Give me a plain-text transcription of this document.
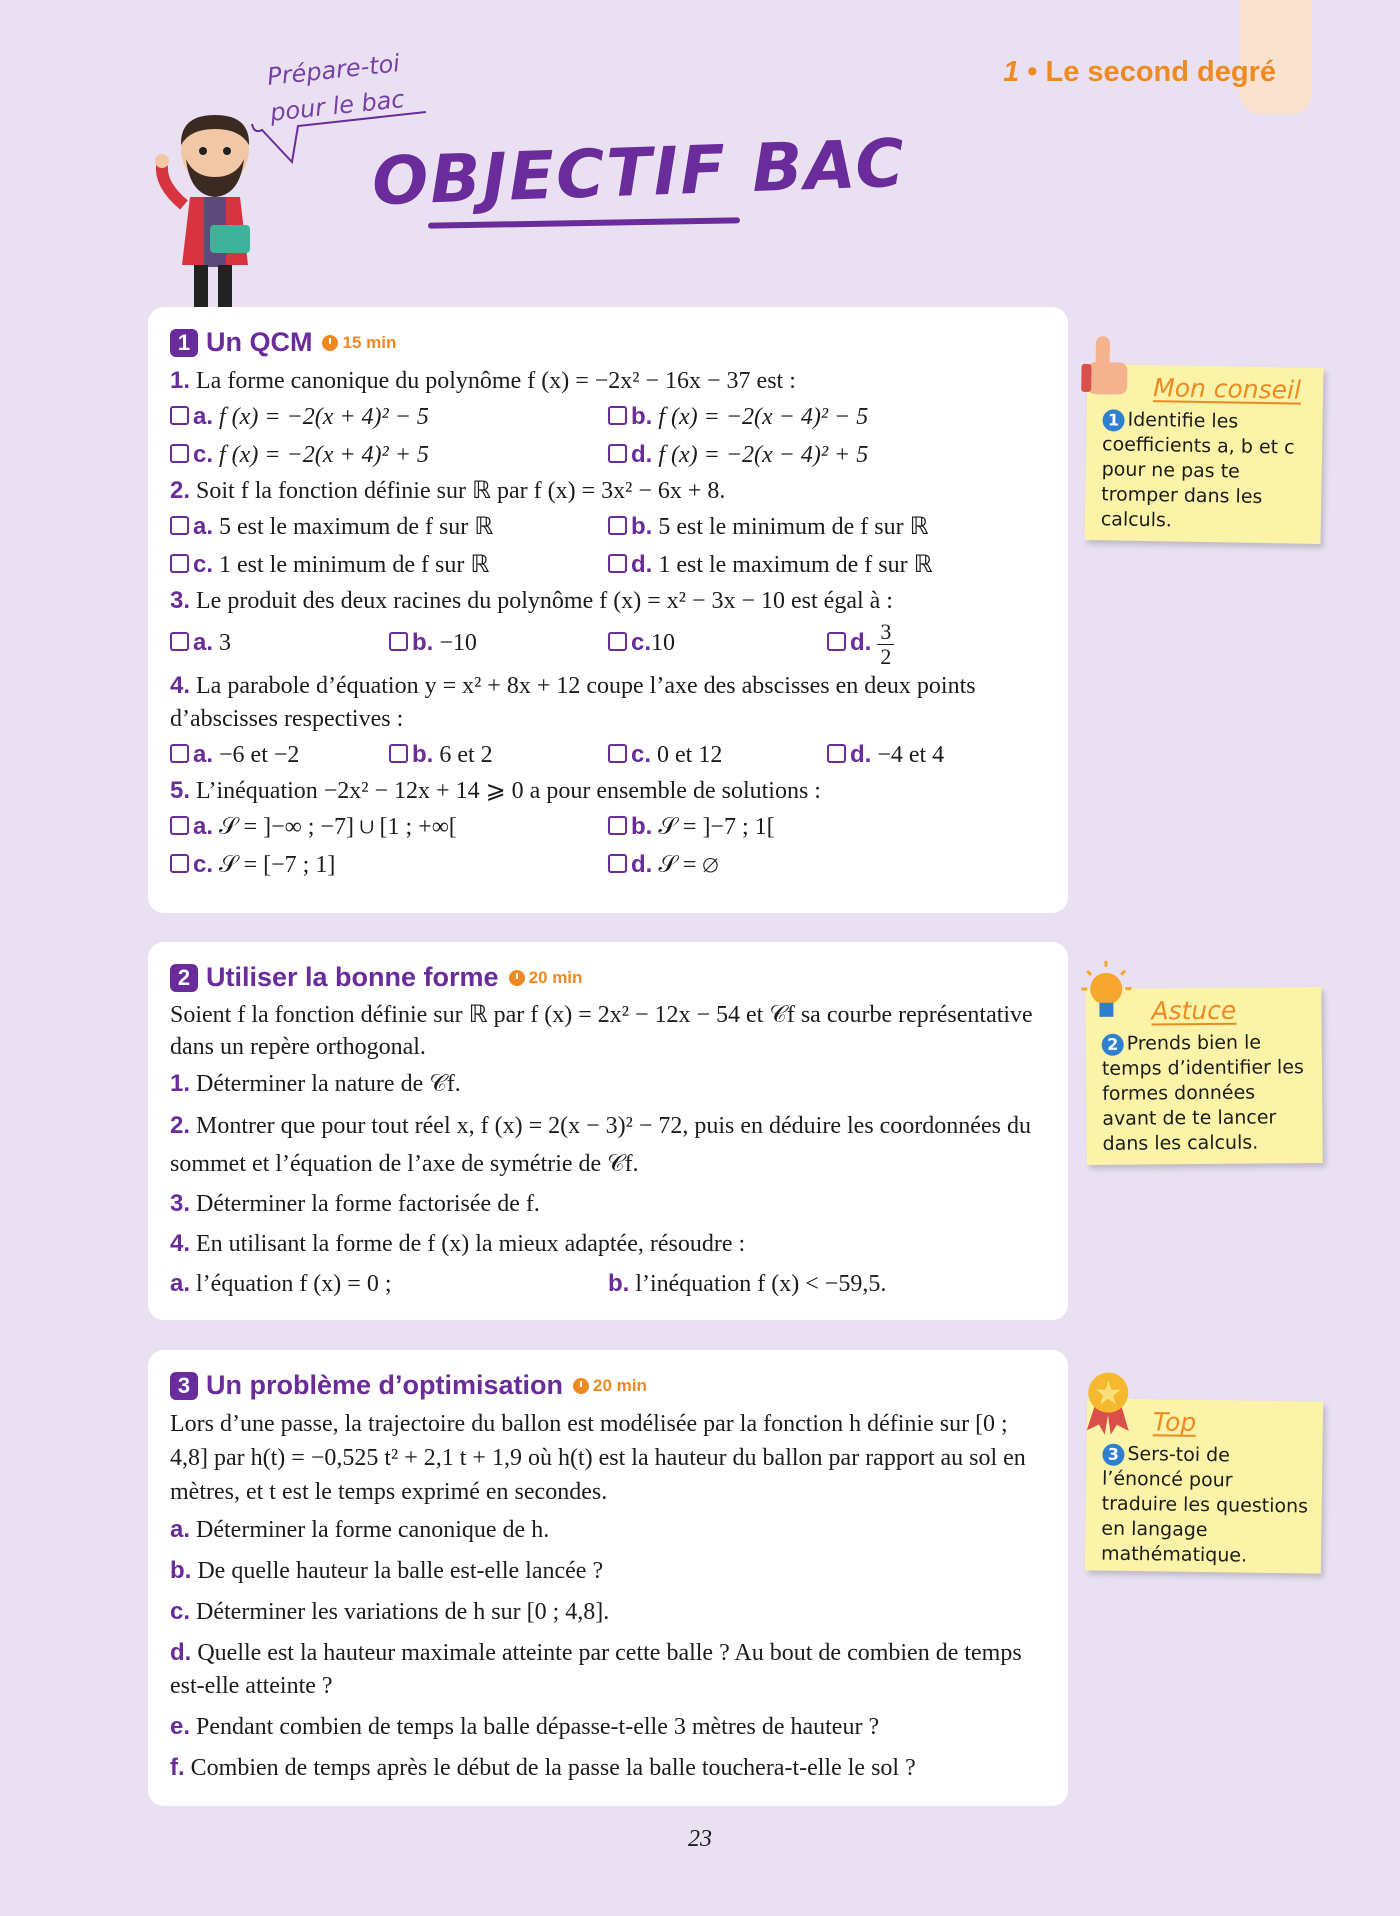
1 • Le second degré
Prépare-toi
pour le bac
OBJECTIF BAC
1 Un QCM 15 min
1. La forme canonique du polynôme f (x) = −2x² − 16x − 37 est :
a. f (x) = −2(x + 4)² − 5	b. f (x) = −2(x − 4)² − 5
c. f (x) = −2(x + 4)² + 5	d. f (x) = −2(x − 4)² + 5
2. Soit f la fonction définie sur ℝ par f (x) = 3x² − 6x + 8.
a. 5 est le maximum de f sur ℝ	b. 5 est le minimum de f sur ℝ
c. 1 est le minimum de f sur ℝ	d. 1 est le maximum de f sur ℝ
3. Le produit des deux racines du polynôme f (x) = x² − 3x − 10 est égal à :
a. 3	b. −10	c.10	d. $\frac{3}{2}$
4. La parabole d’équation y = x² + 8x + 12 coupe l’axe des abscisses en deux points d’abscisses respectives :
a. −6 et −2	b. 6 et 2	c. 0 et 12	d. −4 et 4
5. L’inéquation −2x² − 12x + 14 ⩾ 0 a pour ensemble de solutions :
a. 𝒮 = ]−∞ ; −7] ∪ [1 ; +∞[	b. 𝒮 = ]−7 ; 1[
c. 𝒮 = [−7 ; 1]	d. 𝒮 = ∅
2 Utiliser la bonne forme 20 min
Soient f la fonction définie sur ℝ par f (x) = 2x² − 12x − 54 et 𝒞f sa courbe représentative dans un repère orthogonal.
1. Déterminer la nature de 𝒞f.
2. Montrer que pour tout réel x, f (x) = 2(x − 3)² − 72, puis en déduire les coordonnées du sommet et l’équation de l’axe de symétrie de 𝒞f.
3. Déterminer la forme factorisée de f.
4. En utilisant la forme de f (x) la mieux adaptée, résoudre :
a. l’équation f (x) = 0 ;	b. l’inéquation f (x) < −59,5.
3 Un problème d’optimisation 20 min
Lors d’une passe, la trajectoire du ballon est modélisée par la fonction h définie sur [0 ; 4,8] par h(t) = −0,525 t² + 2,1 t + 1,9 où h(t) est la hauteur du ballon par rapport au sol en mètres, et t est le temps exprimé en secondes.
a. Déterminer la forme canonique de h.
b. De quelle hauteur la balle est-elle lancée ?
c. Déterminer les variations de h sur [0 ; 4,8].
d. Quelle est la hauteur maximale atteinte par cette balle ? Au bout de combien de temps est-elle atteinte ?
e. Pendant combien de temps la balle dépasse-t-elle 3 mètres de hauteur ?
f. Combien de temps après le début de la passe la balle touchera-t-elle le sol ?
Mon conseil
1 Identifie les coefficients a, b et c pour ne pas te tromper dans les calculs.
Astuce
2 Prends bien le temps d’identifier les formes données avant de te lancer dans les calculs.
Top
3 Sers-toi de l’énoncé pour traduire les questions en langage mathématique.
23
